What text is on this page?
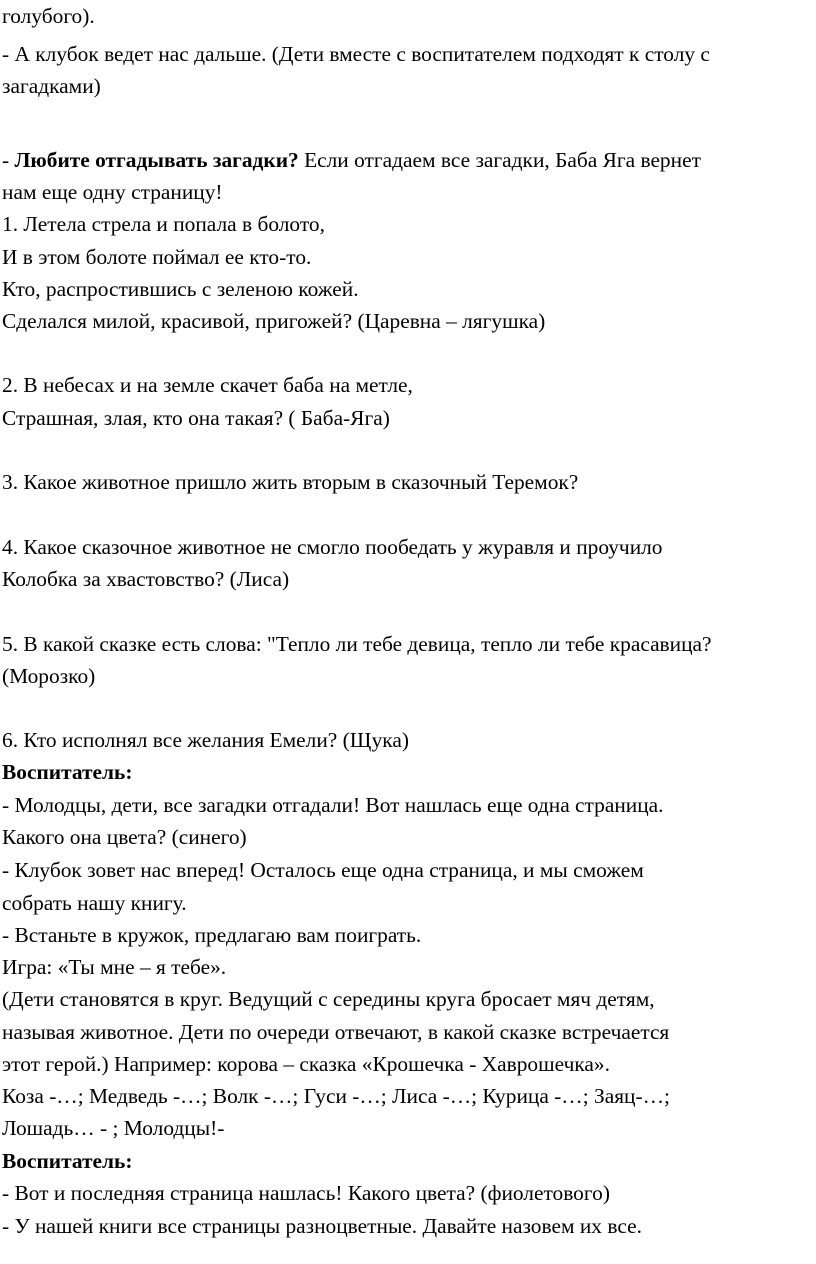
голубого).
- А клубок ведет нас дальше. (Дети вместе с воспитателем подходят к столу с
загадками)
- Любите отгадывать загадки? Если отгадаем все загадки, Баба Яга вернет
нам еще одну страницу!
1. Летела стрела и попала в болото,
И в этом болоте поймал ее кто-то.
Кто, распростившись с зеленою кожей.
Сделался милой, красивой, пригожей? (Царевна – лягушка)
2. В небесах и на земле скачет баба на метле,
Страшная, злая, кто она такая? ( Баба-Яга)
3. Какое животное пришло жить вторым в сказочный Теремок?
4. Какое сказочное животное не смогло пообедать у журавля и проучило
Колобка за хвастовство? (Лиса)
5. В какой сказке есть слова: "Тепло ли тебе девица, тепло ли тебе красавица?
(Морозко)
6. Кто исполнял все желания Емели? (Щука)
Воспитатель:
- Молодцы, дети, все загадки отгадали! Вот нашлась еще одна страница.
Какого она цвета? (синего)
- Клубок зовет нас вперед! Осталось еще одна страница, и мы сможем
собрать нашу книгу.
- Встаньте в кружок, предлагаю вам поиграть.
Игра: «Ты мне – я тебе».
(Дети становятся в круг. Ведущий с середины круга бросает мяч детям,
называя животное. Дети по очереди отвечают, в какой сказке встречается
этот герой.) Например: корова – сказка «Крошечка - Хаврошечка».
Коза -…; Медведь -…; Волк -…; Гуси -…; Лиса -…; Курица -…; Заяц-…;
Лошадь… - ; Молодцы!-
Воспитатель:
- Вот и последняя страница нашлась! Какого цвета? (фиолетового)
- У нашей книги все страницы разноцветные. Давайте назовем их все.
